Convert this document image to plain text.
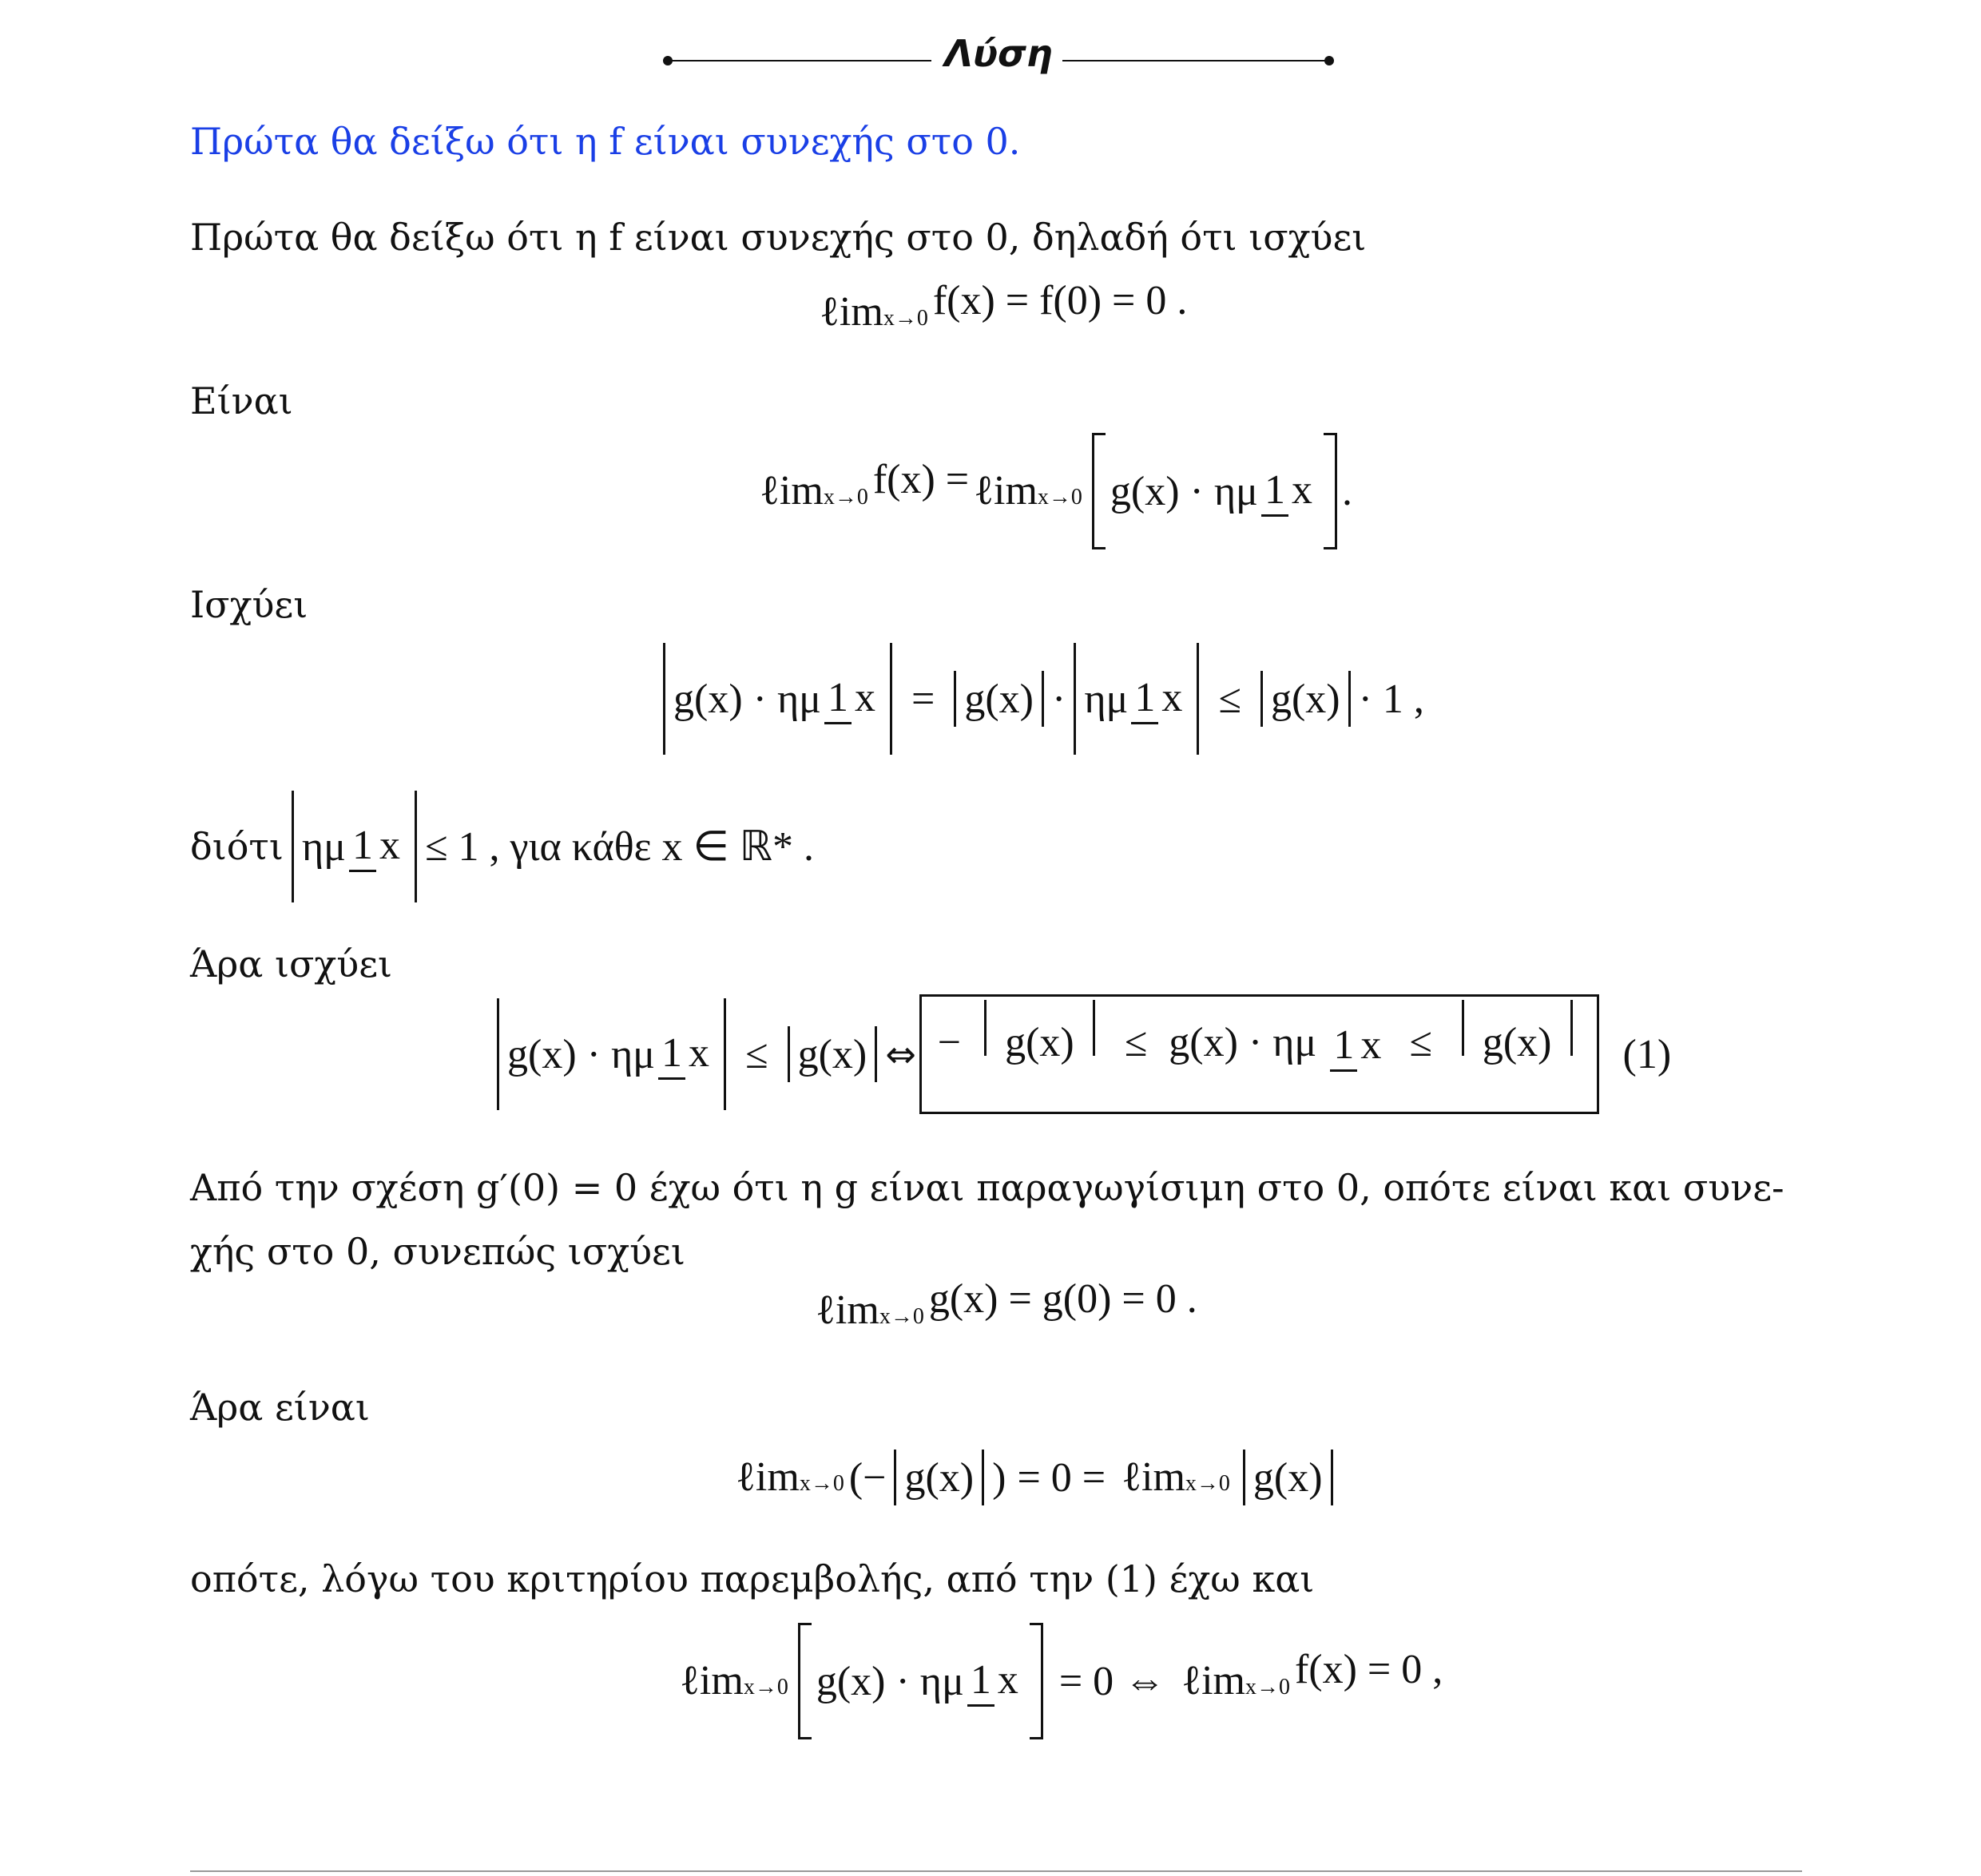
Λύση
Πρώτα θα δείξω ότι η f είναι συνεχής στο 0.
Πρώτα θα δείξω ότι η f είναι συνεχής στο 0, δηλαδή ότι ισχύει
ℓimx→0 f(x) = f(0) = 0 .
Είναι
ℓimx→0 f(x) = ℓimx→0 g(x) · ημ 1 x .
Ισχύει
g(x) · ημ 1 x = g(x) · ημ 1 x ≤ g(x) · 1 ,
διότι ημ 1 x ≤ 1 , για κάθε x ∈ ℝ* .
Άρα ισχύει
g(x) · ημ 1 x ≤ g(x) ⇔ − g(x) ≤ g(x) · ημ 1 x ≤ g(x)	(1)
Από την σχέση g′(0) = 0 έχω ότι η g είναι παραγωγίσιμη στο 0, οπότε είναι και συνε-
χής στο 0, συνεπώς ισχύει
ℓimx→0 g(x) = g(0) = 0 .
Άρα είναι
ℓimx→0 (− g(x) ) = 0 = ℓimx→0 g(x)
οπότε, λόγω του κριτηρίου παρεμβολής, από την (1) έχω και
ℓimx→0 g(x) · ημ 1 x = 0 ⇔ ℓimx→0 f(x) = 0 ,
